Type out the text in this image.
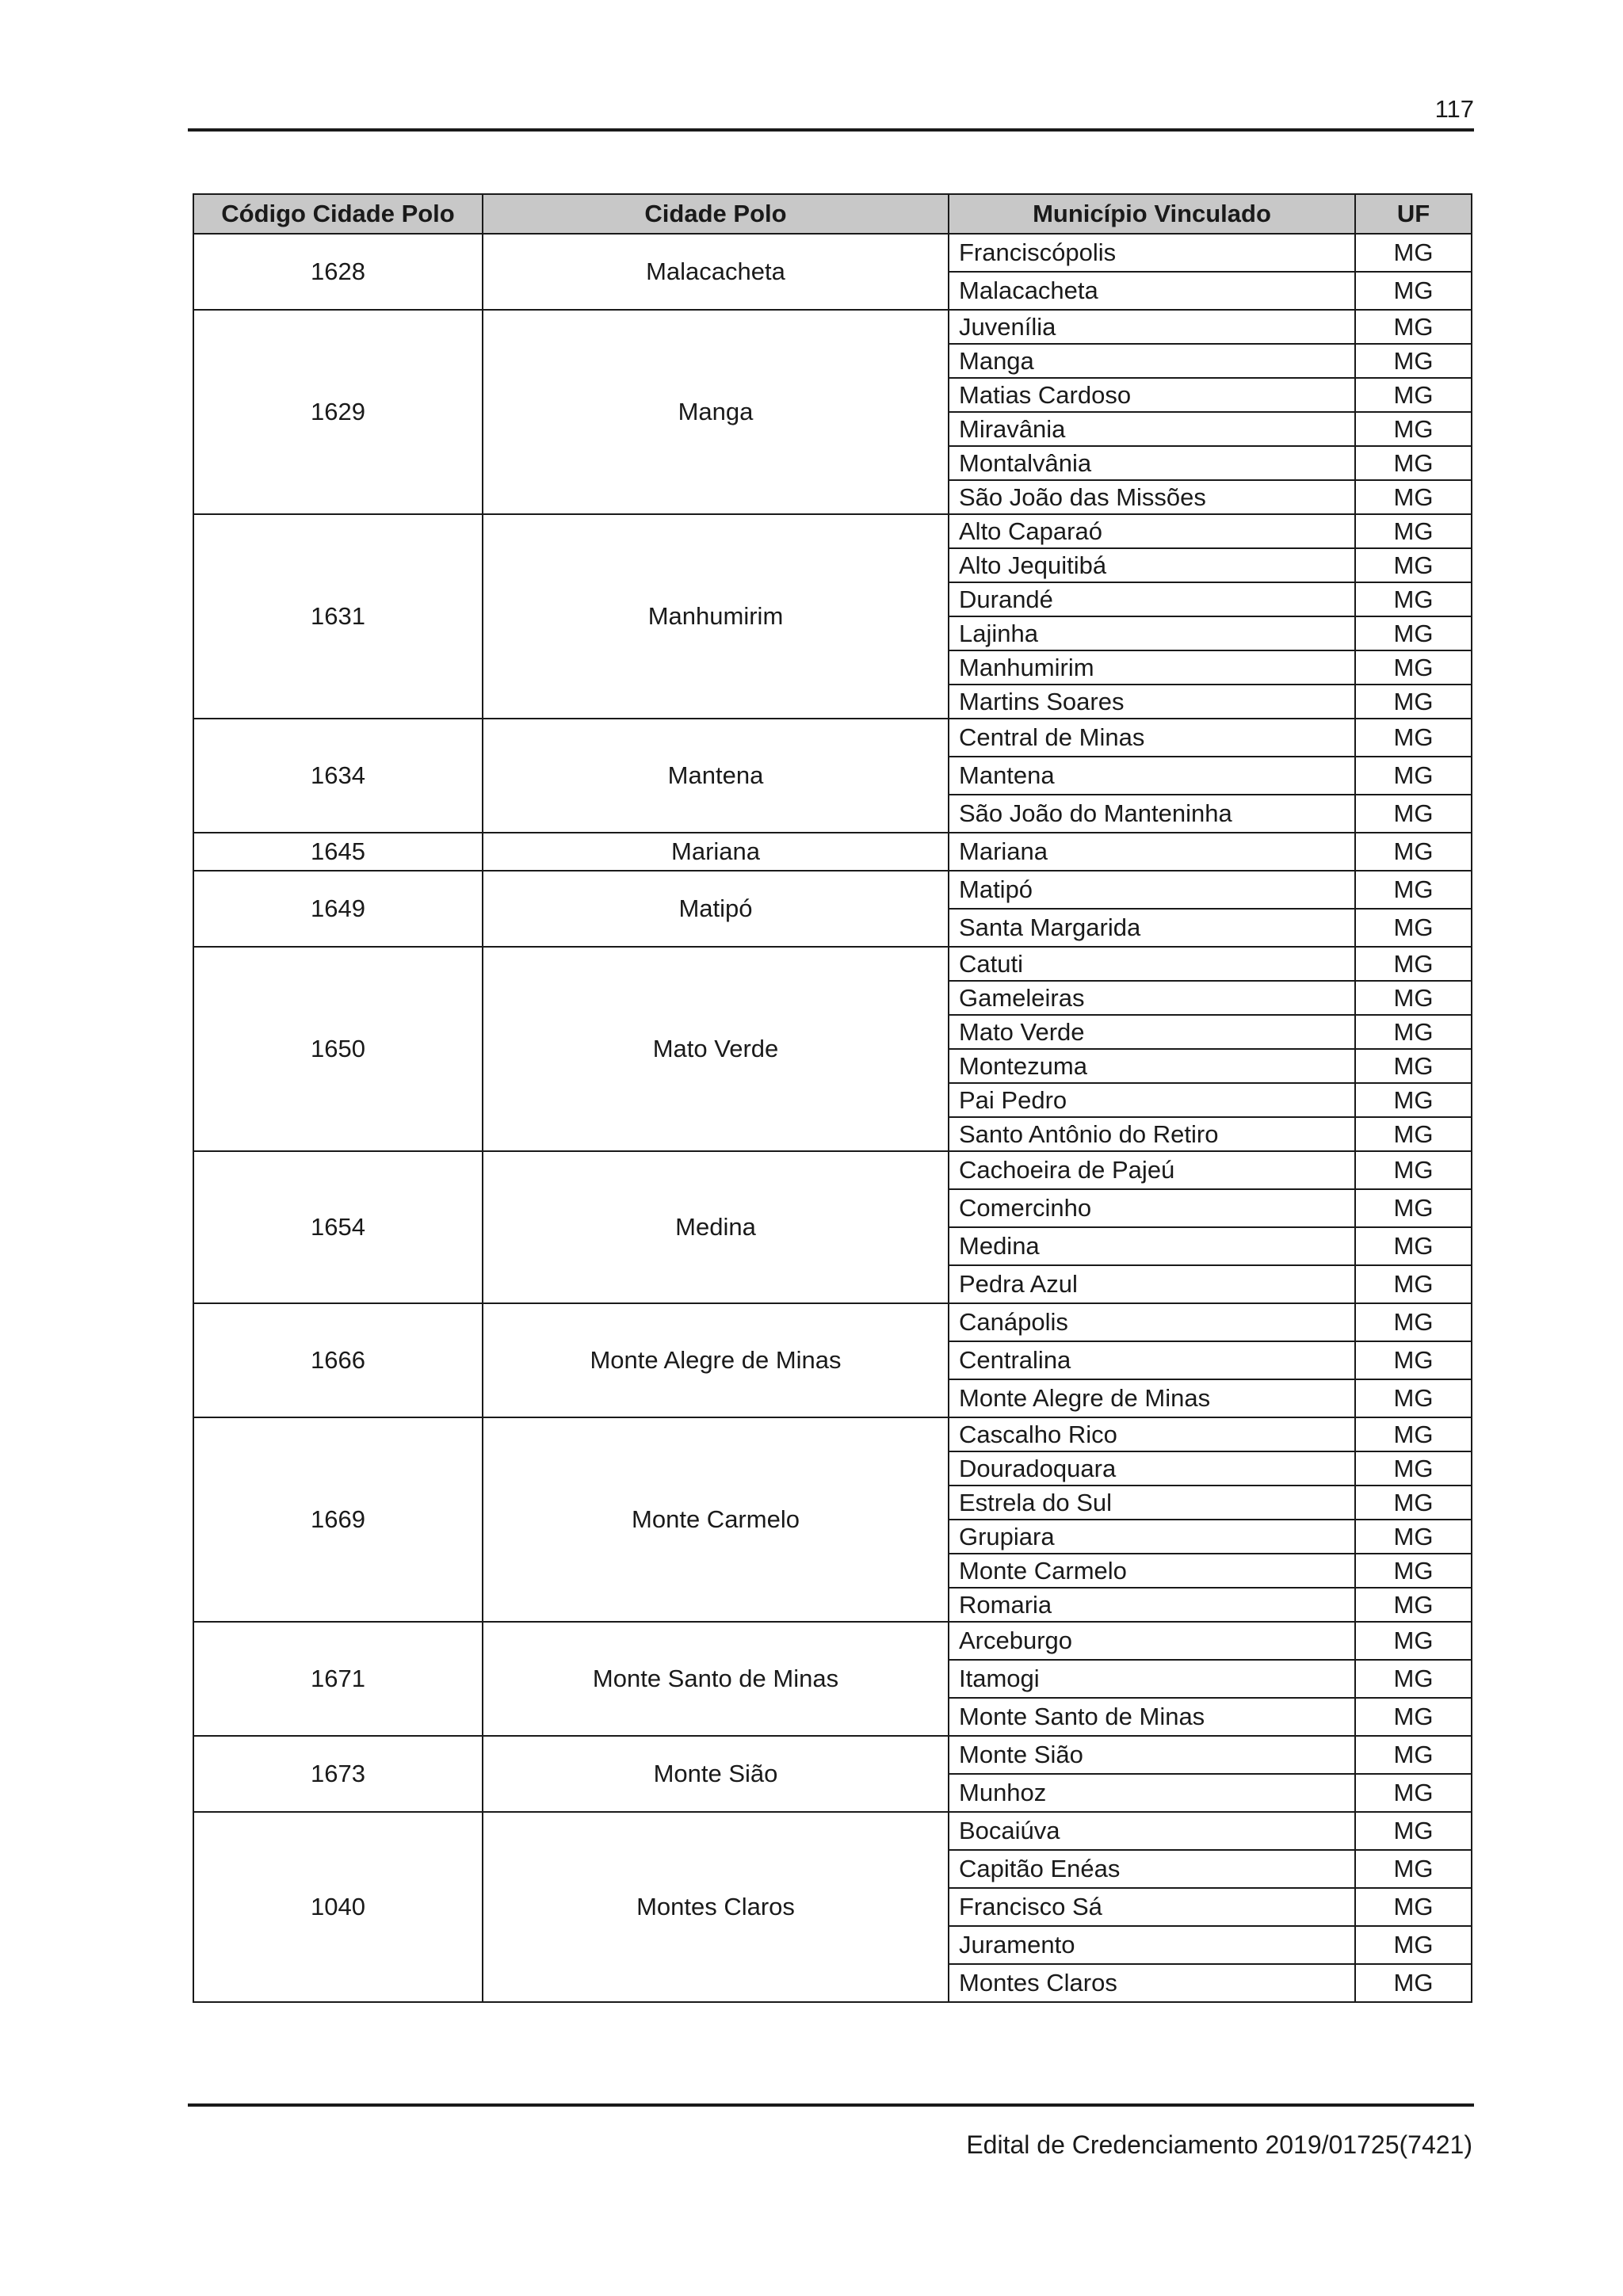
117
Código Cidade Polo	Cidade Polo	Município Vinculado	UF
1628	Malacacheta	Franciscópolis	MG
		Malacacheta	MG
1629	Manga	Juvenília	MG
		Manga	MG
		Matias Cardoso	MG
		Miravânia	MG
		Montalvânia	MG
		São João das Missões	MG
1631	Manhumirim	Alto Caparaó	MG
		Alto Jequitibá	MG
		Durandé	MG
		Lajinha	MG
		Manhumirim	MG
		Martins Soares	MG
1634	Mantena	Central de Minas	MG
		Mantena	MG
		São João do Manteninha	MG
1645	Mariana	Mariana	MG
1649	Matipó	Matipó	MG
		Santa Margarida	MG
1650	Mato Verde	Catuti	MG
		Gameleiras	MG
		Mato Verde	MG
		Montezuma	MG
		Pai Pedro	MG
		Santo Antônio do Retiro	MG
1654	Medina	Cachoeira de Pajeú	MG
		Comercinho	MG
		Medina	MG
		Pedra Azul	MG
1666	Monte Alegre de Minas	Canápolis	MG
		Centralina	MG
		Monte Alegre de Minas	MG
1669	Monte Carmelo	Cascalho Rico	MG
		Douradoquara	MG
		Estrela do Sul	MG
		Grupiara	MG
		Monte Carmelo	MG
		Romaria	MG
1671	Monte Santo de Minas	Arceburgo	MG
		Itamogi	MG
		Monte Santo de Minas	MG
1673	Monte Sião	Monte Sião	MG
		Munhoz	MG
1040	Montes Claros	Bocaiúva	MG
		Capitão Enéas	MG
		Francisco Sá	MG
		Juramento	MG
		Montes Claros	MG
Edital de Credenciamento 2019/01725(7421)
